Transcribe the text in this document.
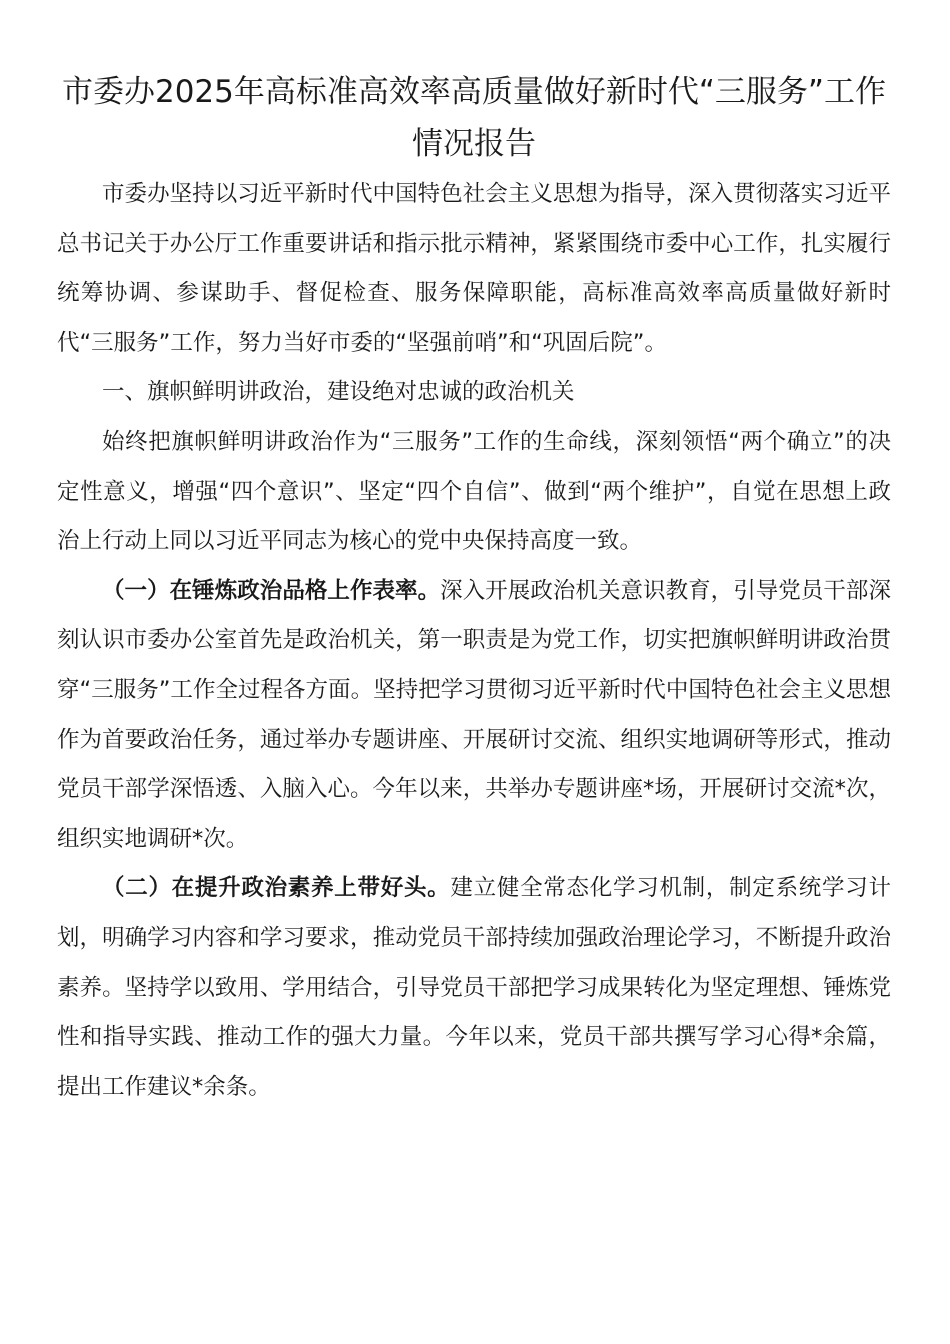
市委办2025年高标准高效率高质量做好新时代“三服务”工作情况报告

市委办坚持以习近平新时代中国特色社会主义思想为指导，深入贯彻落实习近平总书记关于办公厅工作重要讲话和指示批示精神，紧紧围绕市委中心工作，扎实履行统筹协调、参谋助手、督促检查、服务保障职能，高标准高效率高质量做好新时代“三服务”工作，努力当好市委的“坚强前哨”和“巩固后院”。

一、旗帜鲜明讲政治，建设绝对忠诚的政治机关

始终把旗帜鲜明讲政治作为“三服务”工作的生命线，深刻领悟“两个确立”的决定性意义，增强“四个意识”、坚定“四个自信”、做到“两个维护”，自觉在思想上政治上行动上同以习近平同志为核心的党中央保持高度一致。

（一）在锤炼政治品格上作表率。深入开展政治机关意识教育，引导党员干部深刻认识市委办公室首先是政治机关，第一职责是为党工作，切实把旗帜鲜明讲政治贯穿“三服务”工作全过程各方面。坚持把学习贯彻习近平新时代中国特色社会主义思想作为首要政治任务，通过举办专题讲座、开展研讨交流、组织实地调研等形式，推动党员干部学深悟透、入脑入心。今年以来，共举办专题讲座*场，开展研讨交流*次，组织实地调研*次。

（二）在提升政治素养上带好头。建立健全常态化学习机制，制定系统学习计划，明确学习内容和学习要求，推动党员干部持续加强政治理论学习，不断提升政治素养。坚持学以致用、学用结合，引导党员干部把学习成果转化为坚定理想、锤炼党性和指导实践、推动工作的强大力量。今年以来，党员干部共撰写学习心得*余篇，提出工作建议*余条。
